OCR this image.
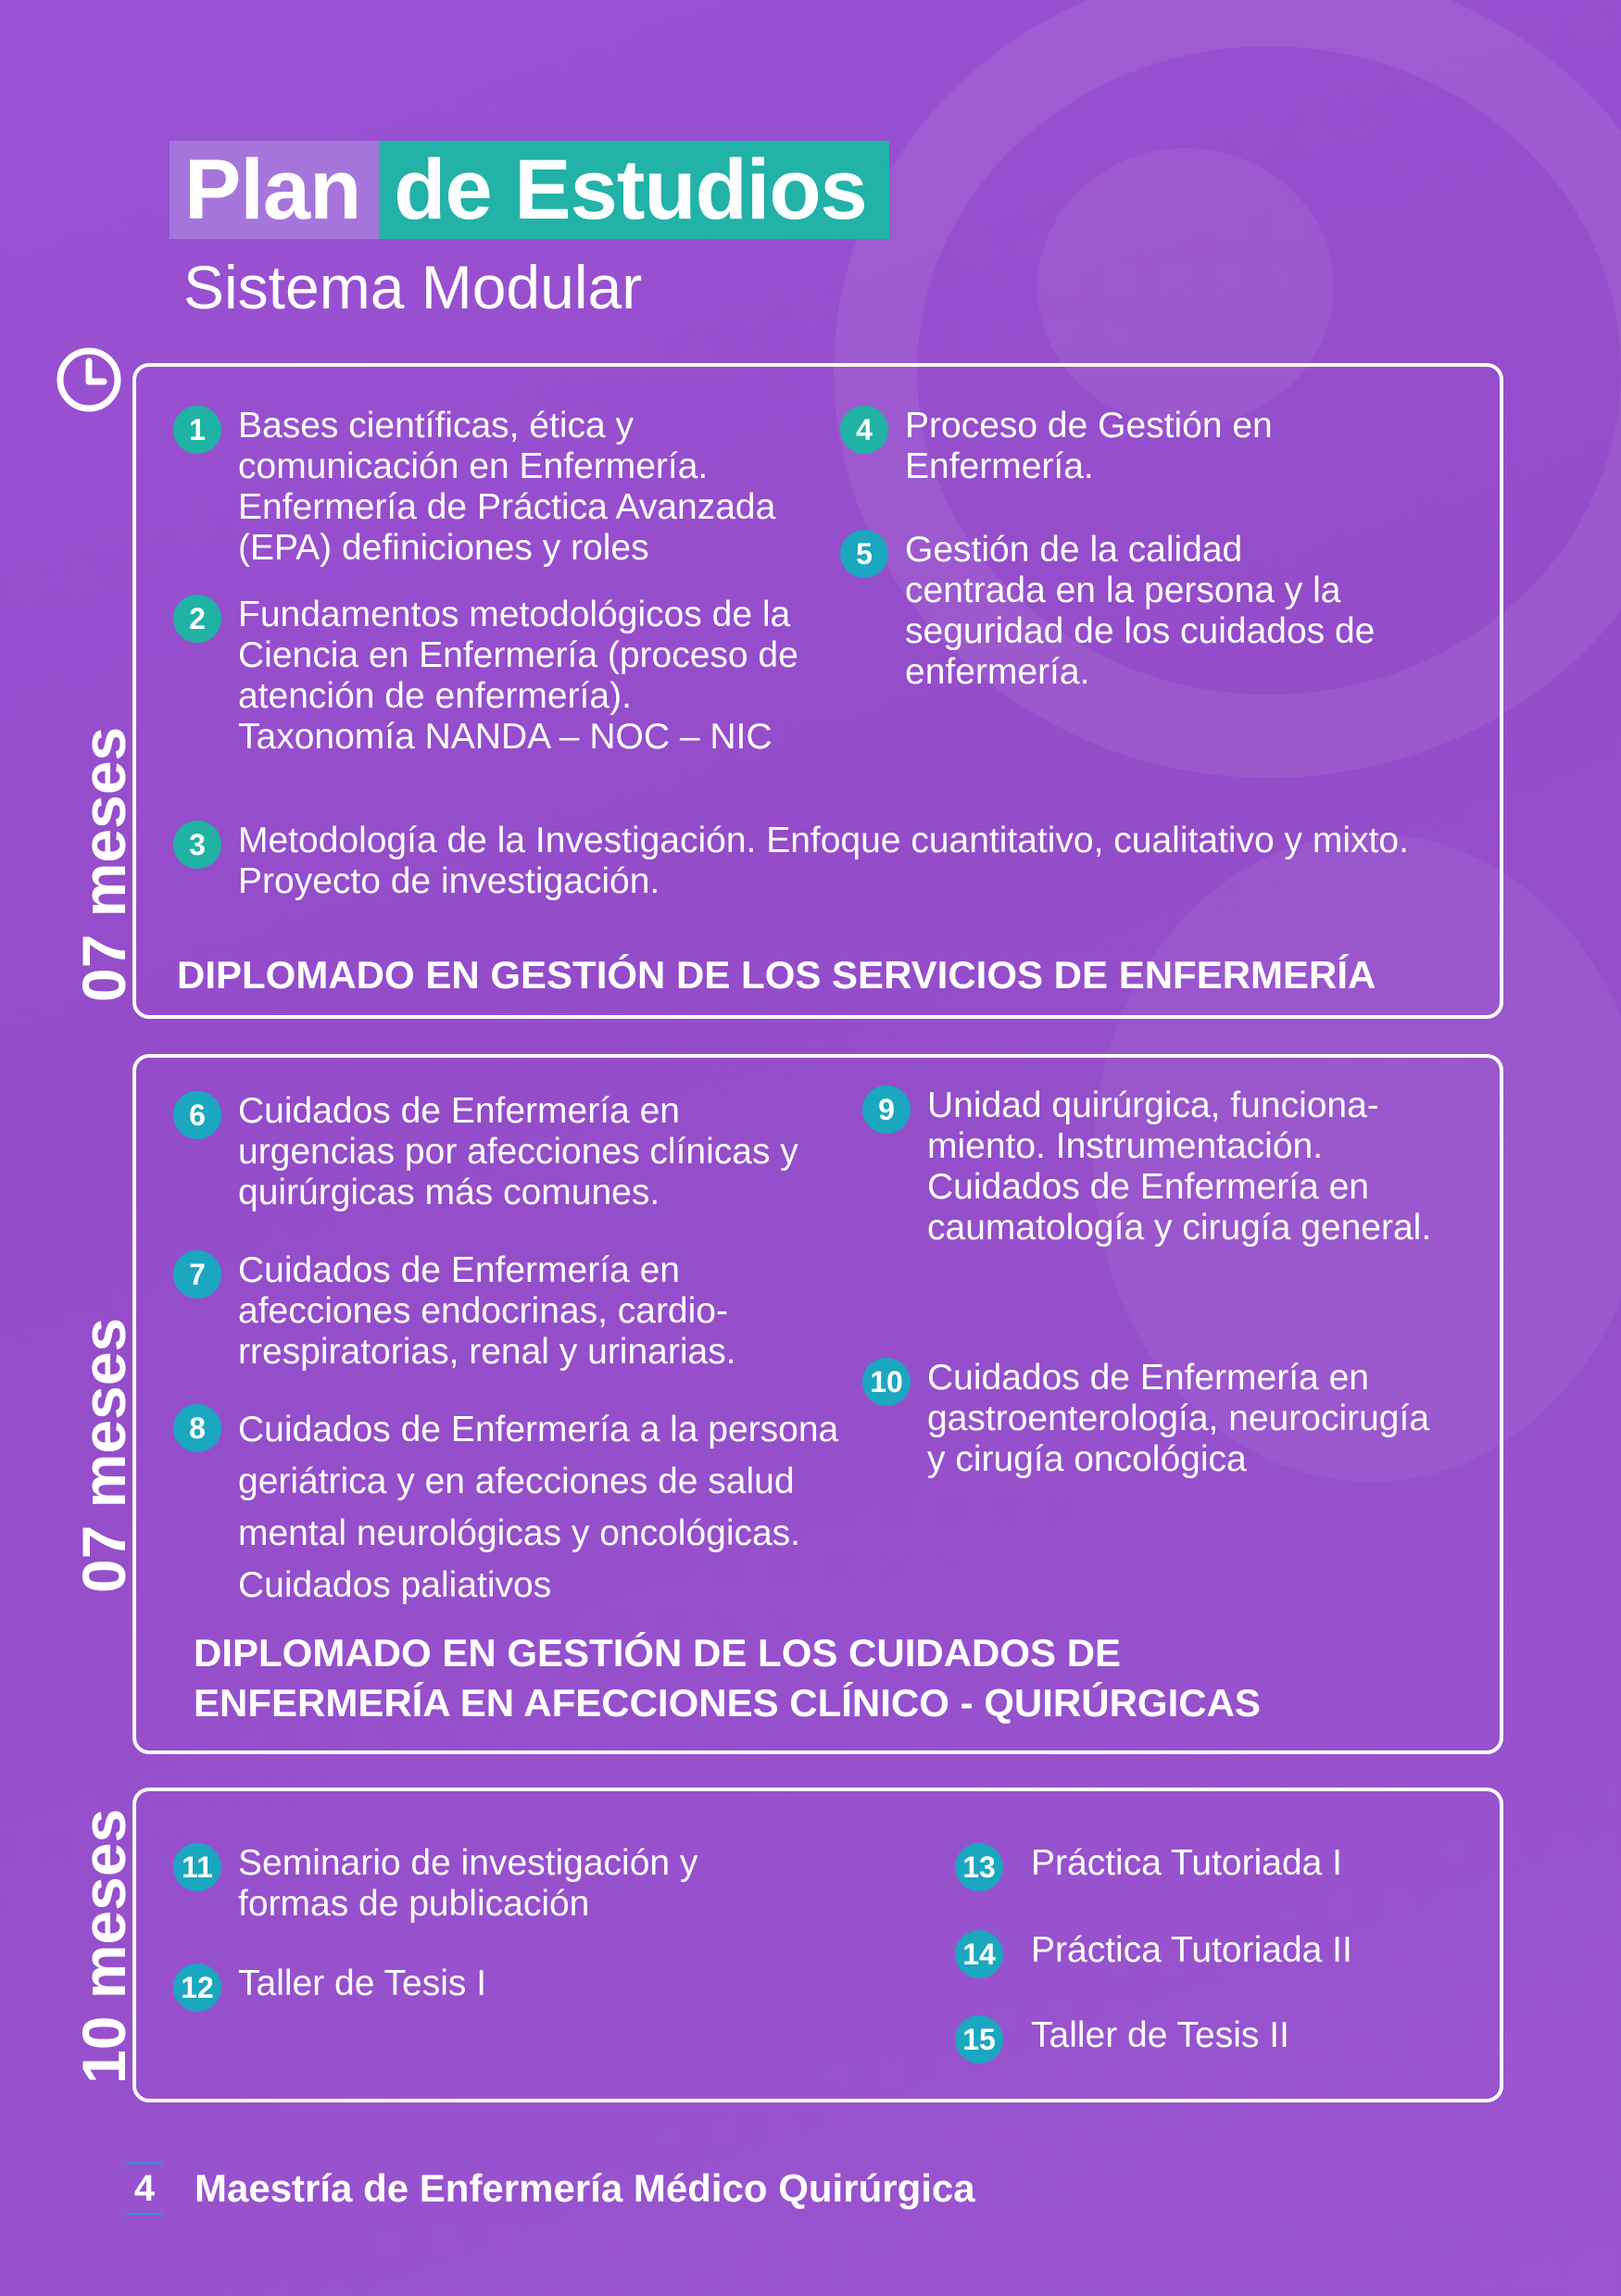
Plan de Estudios
Sistema Modular
07 meses
07 meses
10 meses
1 Bases científicas, ética y comunicación en Enfermería. Enfermería de Práctica Avanzada (EPA) definiciones y roles
2 Fundamentos metodológicos de la Ciencia en Enfermería (proceso de atención de enfermería). Taxonomía NANDA – NOC – NIC
3 Metodología de la Investigación. Enfoque cuantitativo, cualitativo y mixto. Proyecto de investigación.
4 Proceso de Gestión en Enfermería.
5 Gestión de la calidad centrada en la persona y la seguridad de los cuidados de enfermería.
DIPLOMADO EN GESTIÓN DE LOS SERVICIOS DE ENFERMERÍA
6 Cuidados de Enfermería en urgencias por afecciones clínicas y quirúrgicas más comunes.
7 Cuidados de Enfermería en afecciones endocrinas, cardio-rrespiratorias, renal y urinarias.
8 Cuidados de Enfermería a la persona geriátrica y en afecciones de salud mental neurológicas y oncológicas. Cuidados paliativos
9 Unidad quirúrgica, funciona-miento. Instrumentación. Cuidados de Enfermería en caumatología y cirugía general.
10 Cuidados de Enfermería en gastroenterología, neurocirugía y cirugía oncológica
DIPLOMADO EN GESTIÓN DE LOS CUIDADOS DE
ENFERMERÍA EN AFECCIONES CLÍNICO - QUIRÚRGICAS
11 Seminario de investigación y formas de publicación
12 Taller de Tesis I
13 Práctica Tutoriada I
14 Práctica Tutoriada II
15 Taller de Tesis II
4 Maestría de Enfermería Médico Quirúrgica
